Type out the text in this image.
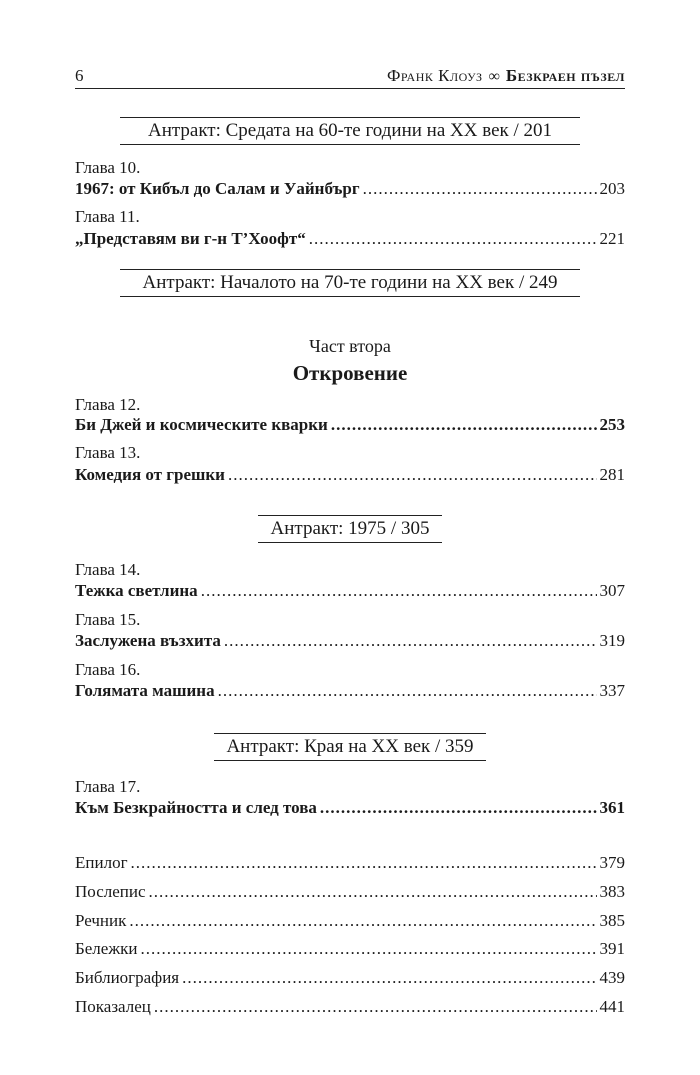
6	Франк Клоуз ∞ Безкраен пъзел
Антракт: Средата на 60-те години на XX век / 201
Глава 10.
1967: от Кибъл до Салам и Уайнбърг .....	203
Глава 11.
„Представям ви г-н Т’Хоофт“ .....	221
Антракт: Началото на 70-те години на XX век / 249
Част втора
Откровение
Глава 12.
Би Джей и космическите кварки .....	253
Глава 13.
Комедия от грешки .....	281
Антракт: 1975 / 305
Глава 14.
Тежка светлина .....	307
Глава 15.
Заслужена възхита .....	319
Глава 16.
Голямата машина .....	337
Антракт: Края на XX век / 359
Глава 17.
Към Безкрайността и след това .....	361
Епилог .....	379
Послепис .....	383
Речник .....	385
Бележки .....	391
Библиография .....	439
Показалец .....	441
